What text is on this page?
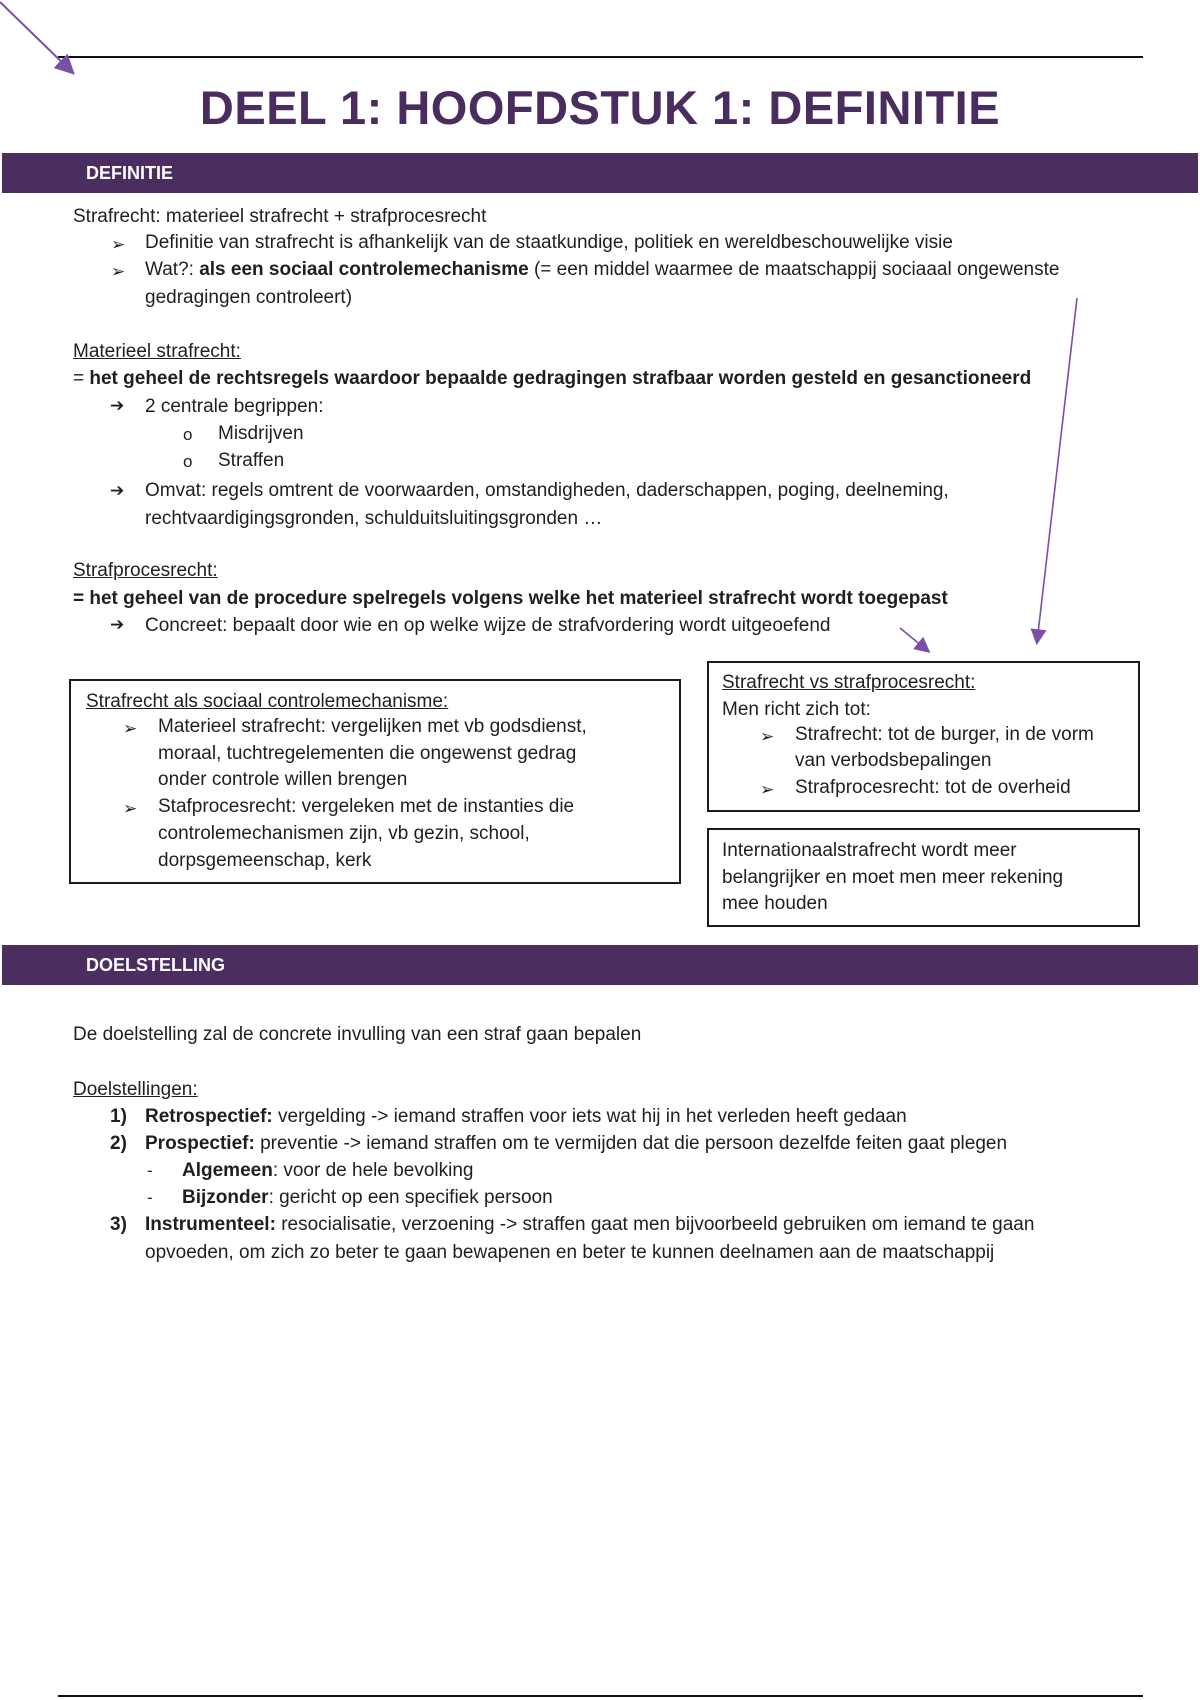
DEEL 1: HOOFDSTUK 1: DEFINITIE
DEFINITIE
Strafrecht: materieel strafrecht + strafprocesrecht
➢ Definitie van strafrecht is afhankelijk van de staatkundige, politiek en wereldbeschouwelijke visie
➢ Wat?: als een sociaal controlemechanisme (= een middel waarmee de maatschappij sociaaal ongewenste
gedragingen controleert)
Materieel strafrecht:
= het geheel de rechtsregels waardoor bepaalde gedragingen strafbaar worden gesteld en gesanctioneerd
➔ 2 centrale begrippen:
o Misdrijven
o Straffen
➔ Omvat: regels omtrent de voorwaarden, omstandigheden, daderschappen, poging, deelneming,
rechtvaardigingsgronden, schulduitsluitingsgronden …
Strafprocesrecht:
= het geheel van de procedure spelregels volgens welke het materieel strafrecht wordt toegepast
➔ Concreet: bepaalt door wie en op welke wijze de strafvordering wordt uitgeoefend
Strafrecht als sociaal controlemechanisme:
➢ Materieel strafrecht: vergelijken met vb godsdienst,
moraal, tuchtregelementen die ongewenst gedrag
onder controle willen brengen
➢ Stafprocesrecht: vergeleken met de instanties die
controlemechanismen zijn, vb gezin, school,
dorpsgemeenschap, kerk
Strafrecht vs strafprocesrecht:
Men richt zich tot:
➢ Strafrecht: tot de burger, in de vorm
van verbodsbepalingen
➢ Strafprocesrecht: tot de overheid
Internationaalstrafrecht wordt meer
belangrijker en moet men meer rekening
mee houden
DOELSTELLING
De doelstelling zal de concrete invulling van een straf gaan bepalen
Doelstellingen:
1) Retrospectief: vergelding -> iemand straffen voor iets wat hij in het verleden heeft gedaan
2) Prospectief: preventie -> iemand straffen om te vermijden dat die persoon dezelfde feiten gaat plegen
- Algemeen: voor de hele bevolking
- Bijzonder: gericht op een specifiek persoon
3) Instrumenteel: resocialisatie, verzoening -> straffen gaat men bijvoorbeeld gebruiken om iemand te gaan
opvoeden, om zich zo beter te gaan bewapenen en beter te kunnen deelnamen aan de maatschappij
